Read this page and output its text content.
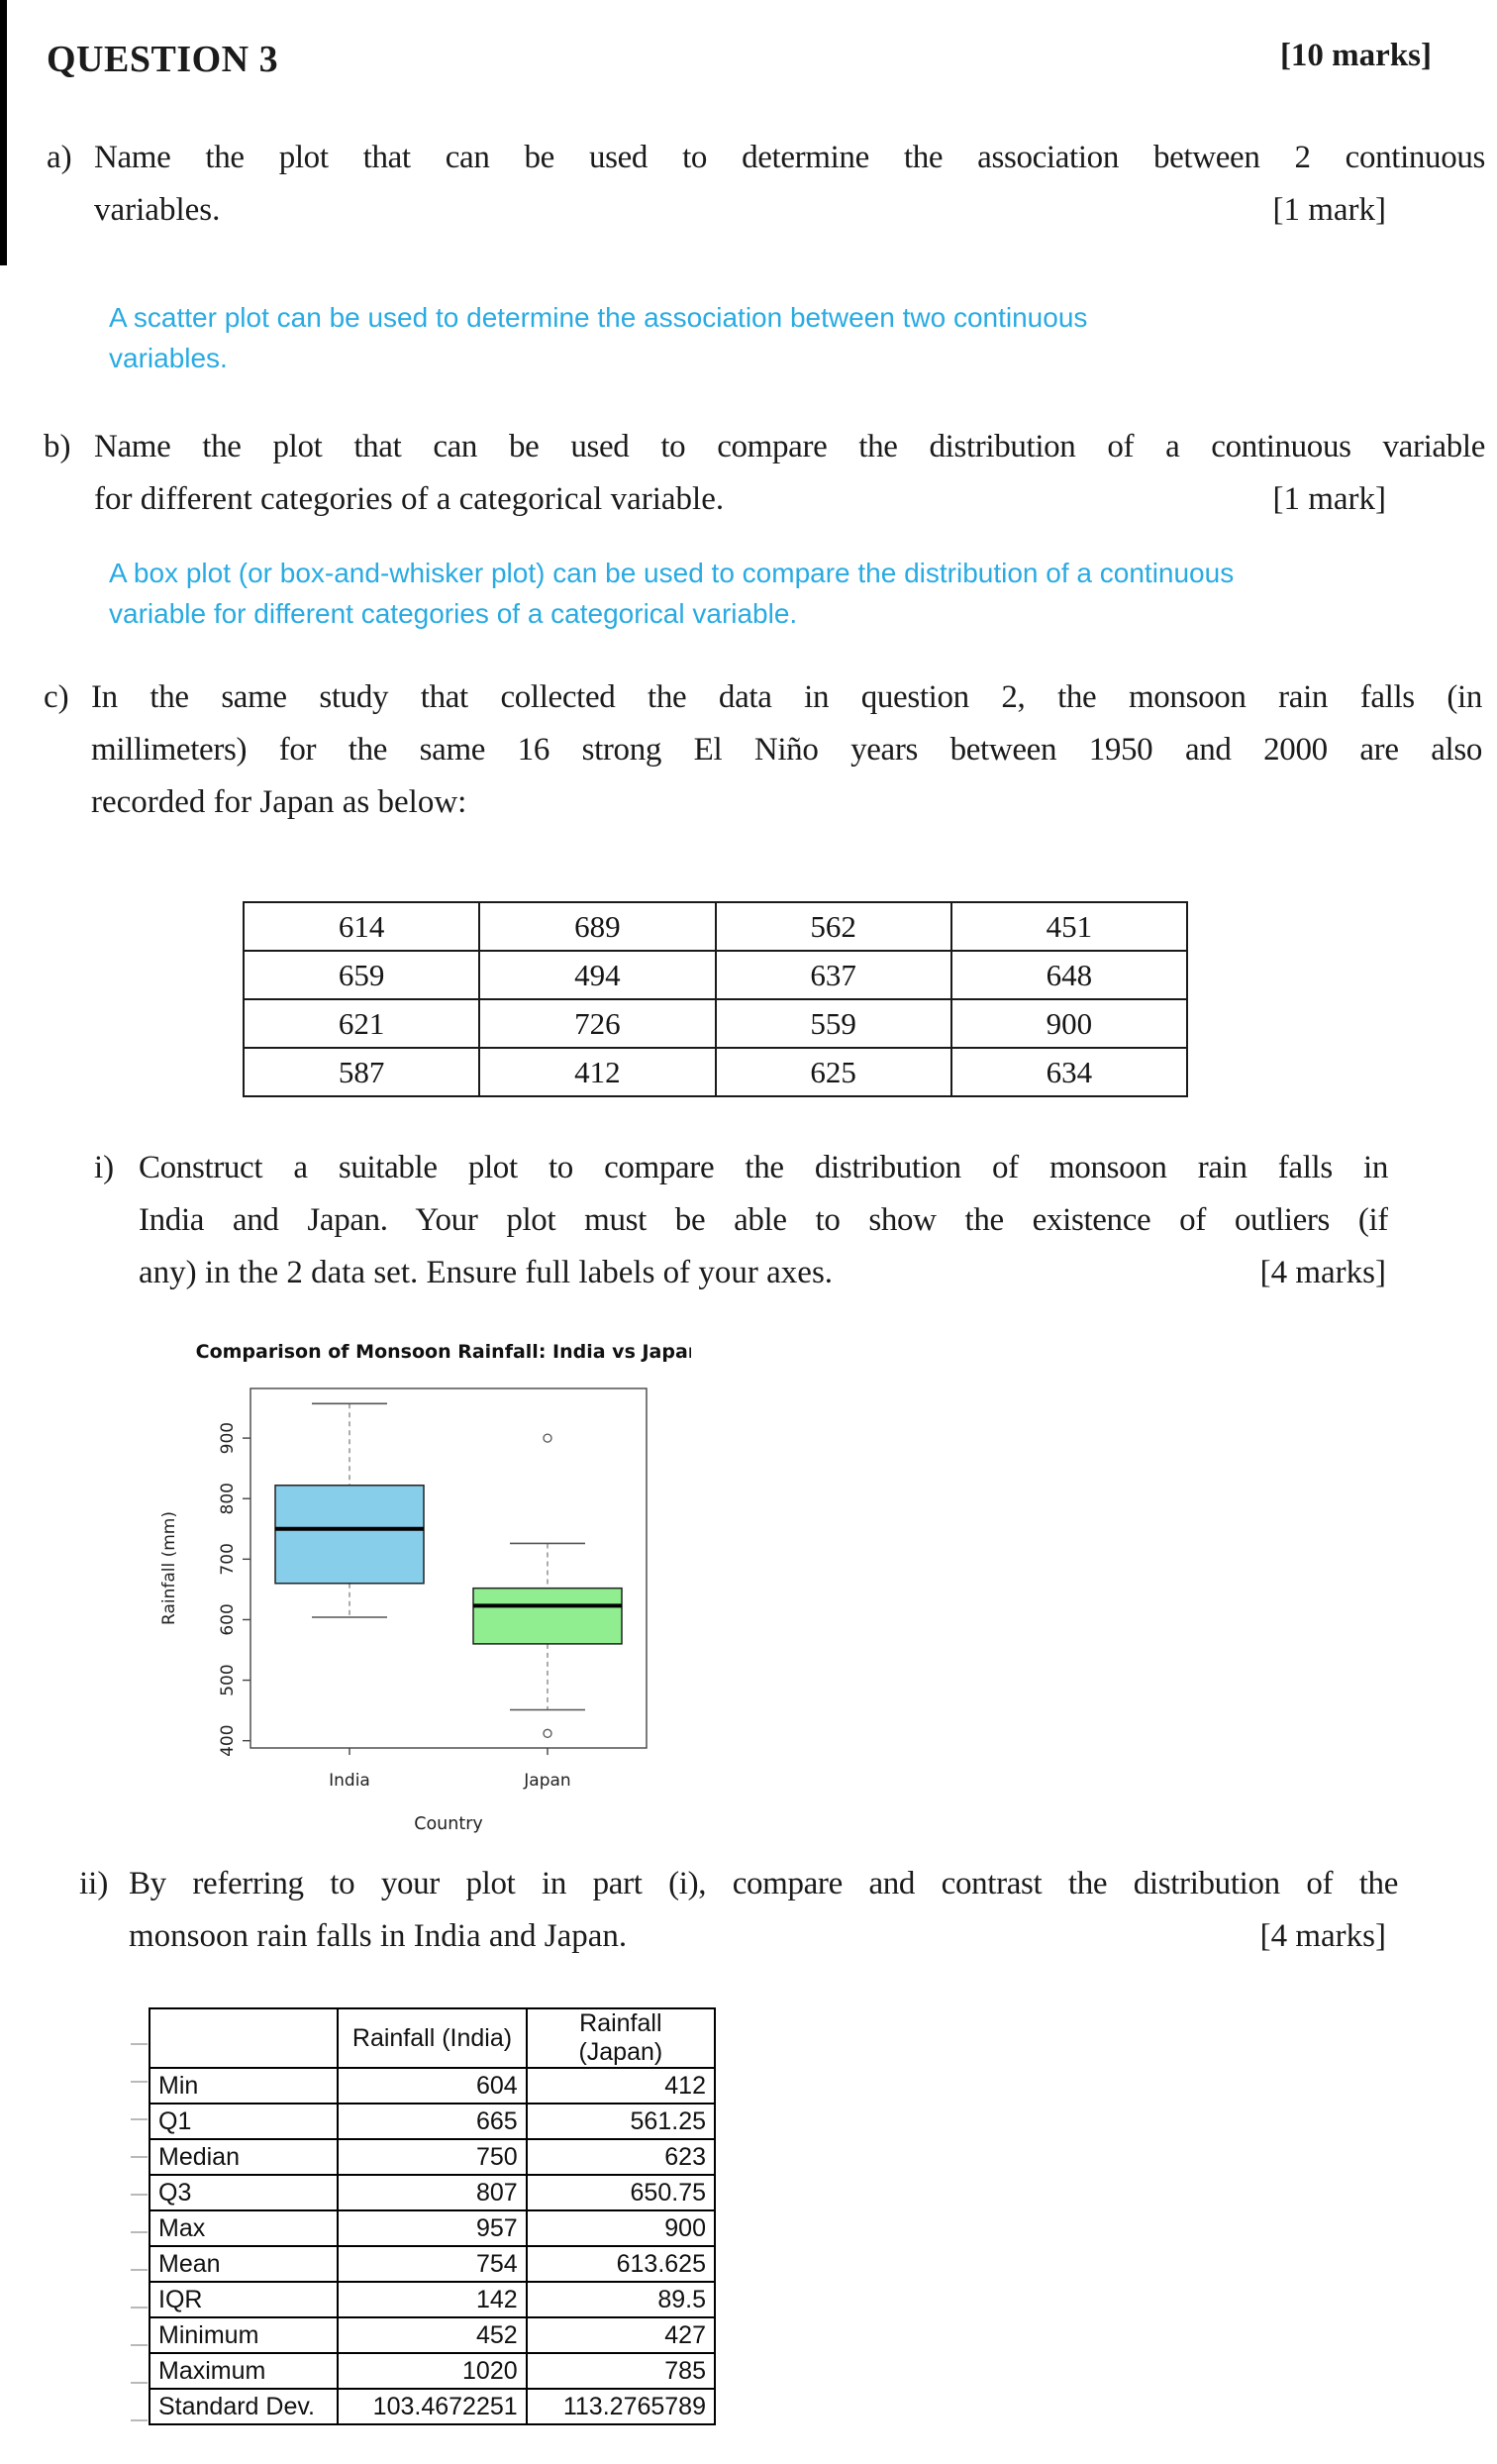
QUESTION 3	[10 marks]
a) Name the plot that can be used to determine the association between 2 continuous
variables.	[1 mark]
A scatter plot can be used to determine the association between two continuous
variables.
b) Name the plot that can be used to compare the distribution of a continuous variable
for different categories of a categorical variable.	[1 mark]
A box plot (or box-and-whisker plot) can be used to compare the distribution of a continuous
variable for different categories of a categorical variable.
c) In the same study that collected the data in question 2, the monsoon rain falls (in
millimeters) for the same 16 strong El Niño years between 1950 and 2000 are also
recorded for Japan as below:
614	689	562	451
659	494	637	648
621	726	559	900
587	412	625	634
i) Construct a suitable plot to compare the distribution of monsoon rain falls in
India and Japan. Your plot must be able to show the existence of outliers (if
any) in the 2 data set. Ensure full labels of your axes.	[4 marks]
Comparison of Monsoon Rainfall: India vs Japan
400
500
600
700
800
900
Rainfall (mm)
India	Japan
Country
ii) By referring to your plot in part (i), compare and contrast the distribution of the
monsoon rain falls in India and Japan.	[4 marks]
	Rainfall (India)	Rainfall (Japan)
Min	604	412
Q1	665	561.25
Median	750	623
Q3	807	650.75
Max	957	900
Mean	754	613.625
IQR	142	89.5
Minimum	452	427
Maximum	1020	785
Standard Dev.	103.4672251	113.2765789
